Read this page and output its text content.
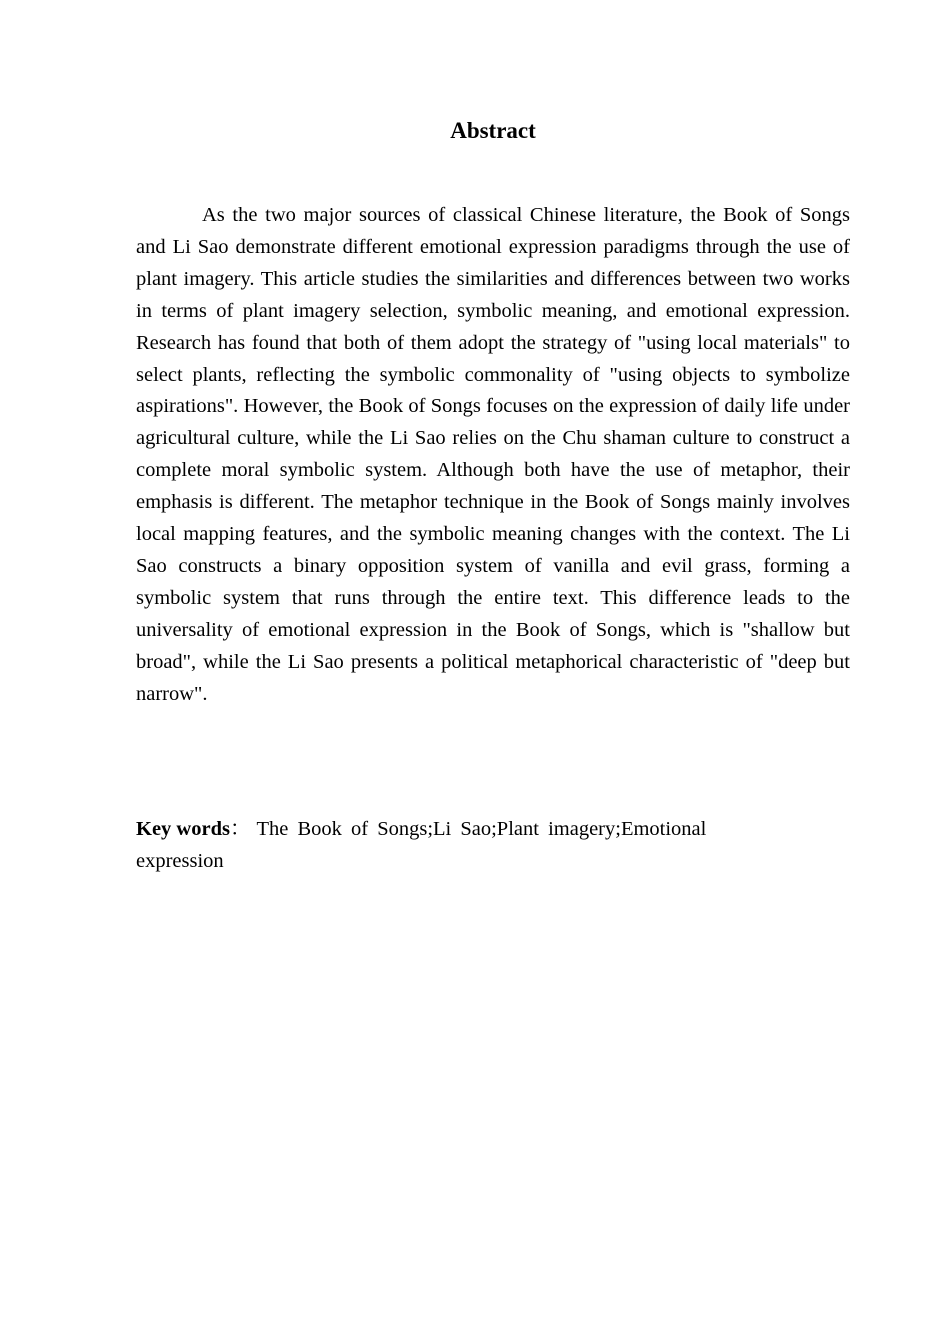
Abstract

As the two major sources of classical Chinese literature, the Book of Songs and Li Sao demonstrate different emotional expression paradigms through the use of plant imagery. This article studies the similarities and differences between two works in terms of plant imagery selection, symbolic meaning, and emotional expression. Research has found that both of them adopt the strategy of "using local materials" to select plants, reflecting the symbolic commonality of "using objects to symbolize aspirations". However, the Book of Songs focuses on the expression of daily life under agricultural culture, while the Li Sao relies on the Chu shaman culture to construct a complete moral symbolic system. Although both have the use of metaphor, their emphasis is different. The metaphor technique in the Book of Songs mainly involves local mapping features, and the symbolic meaning changes with the context. The Li Sao constructs a binary opposition system of vanilla and evil grass, forming a symbolic system that runs through the entire text. This difference leads to the universality of emotional expression in the Book of Songs, which is "shallow but broad", while the Li Sao presents a political metaphorical characteristic of "deep but narrow".

Key words： The Book of Songs;Li Sao;Plant imagery;Emotional expression
